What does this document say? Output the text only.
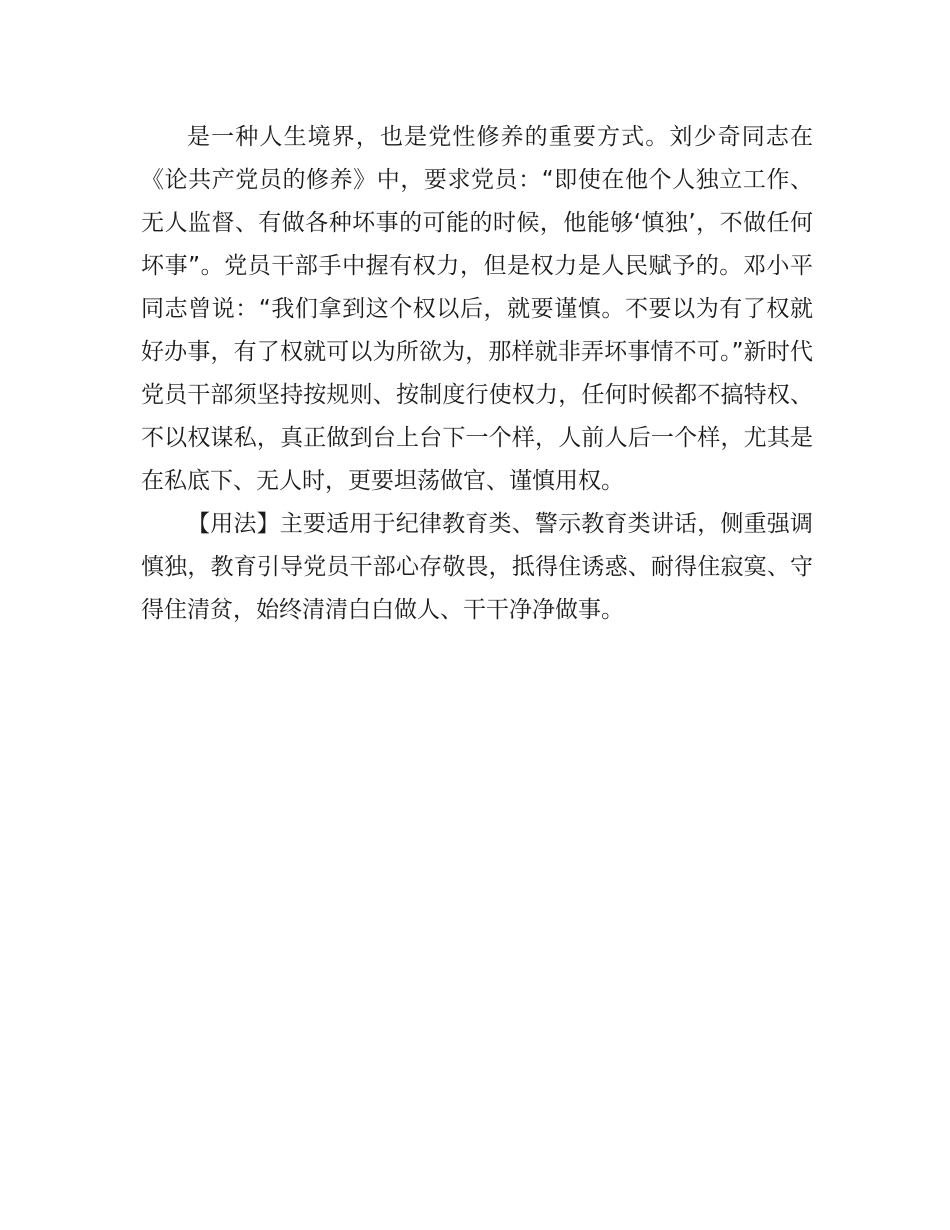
是一种人生境界，也是党性修养的重要方式。刘少奇同志在《论共产党员的修养》中，要求党员：“即使在他个人独立工作、无人监督、有做各种坏事的可能的时候，他能够‘慎独’，不做任何坏事”。党员干部手中握有权力，但是权力是人民赋予的。邓小平同志曾说：“我们拿到这个权以后，就要谨慎。不要以为有了权就好办事，有了权就可以为所欲为，那样就非弄坏事情不可。”新时代党员干部须坚持按规则、按制度行使权力，任何时候都不搞特权、不以权谋私，真正做到台上台下一个样，人前人后一个样，尤其是在私底下、无人时，更要坦荡做官、谨慎用权。

【用法】主要适用于纪律教育类、警示教育类讲话，侧重强调慎独，教育引导党员干部心存敬畏，抵得住诱惑、耐得住寂寞、守得住清贫，始终清清白白做人、干干净净做事。
